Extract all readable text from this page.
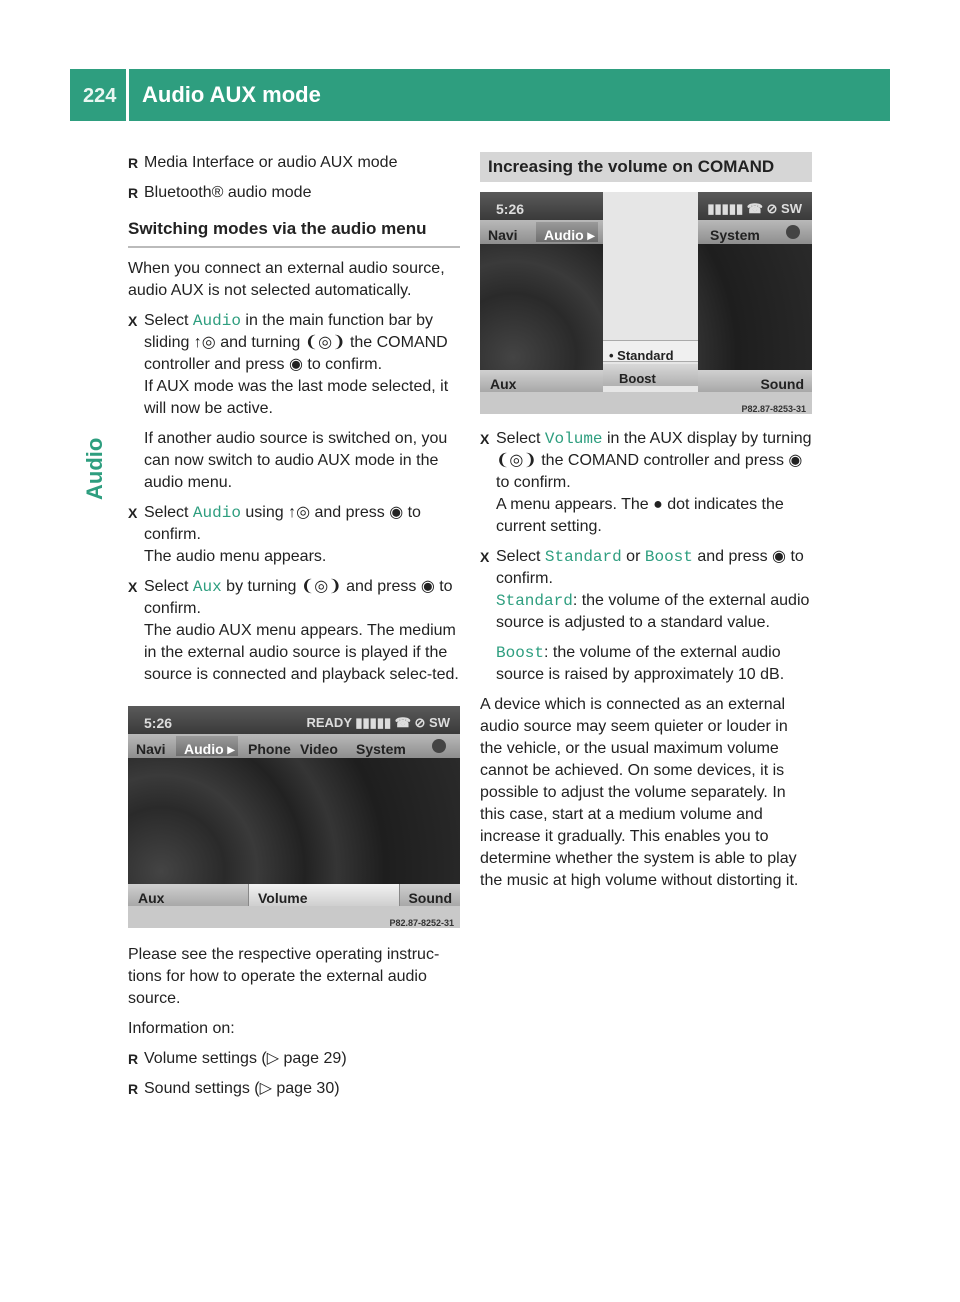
224 Audio AUX mode
Audio
R Media Interface or audio AUX mode
R Bluetooth® audio mode
Switching modes via the audio menu

When you connect an external audio source, audio AUX is not selected automatically.

X Select Audio in the main function bar by sliding ↑◎ and turning ❨◎❩ the COMAND controller and press ◉ to confirm.
If AUX mode was the last mode selected, it will now be active.
If another audio source is switched on, you can now switch to audio AUX mode in the audio menu.
X Select Audio using ↑◎ and press ◉ to confirm.
The audio menu appears.
X Select Aux by turning ❨◎❩ and press ◉ to confirm.
The audio AUX menu appears. The medium in the external audio source is played if the source is connected and playback selec-ted.
5:26	READY ▮▮▮▮▮ ☎ ⊘ SW
Navi Audio ▸ Phone Video System
Aux	Volume	Sound
P82.87-8252-31

Please see the respective operating instruc-tions for how to operate the external audio source.

Information on:

R Volume settings (▷ page 29)
R Sound settings (▷ page 30)
Increasing the volume on COMAND
5:26	▮▮▮▮▮ ☎ ⊘ SW
Navi Audio ▸	System
Aux	Sound
• Standard
Boost
P82.87-8253-31
X Select Volume in the AUX display by turning ❨◎❩ the COMAND controller and press ◉ to confirm.
A menu appears. The ● dot indicates the current setting.
X Select Standard or Boost and press ◉ to confirm.
Standard: the volume of the external audio source is adjusted to a standard value.
Boost: the volume of the external audio source is raised by approximately 10 dB.

A device which is connected as an external audio source may seem quieter or louder in the vehicle, or the usual maximum volume cannot be achieved. On some devices, it is possible to adjust the volume separately. In this case, start at a medium volume and increase it gradually. This enables you to determine whether the system is able to play the music at high volume without distorting it.
